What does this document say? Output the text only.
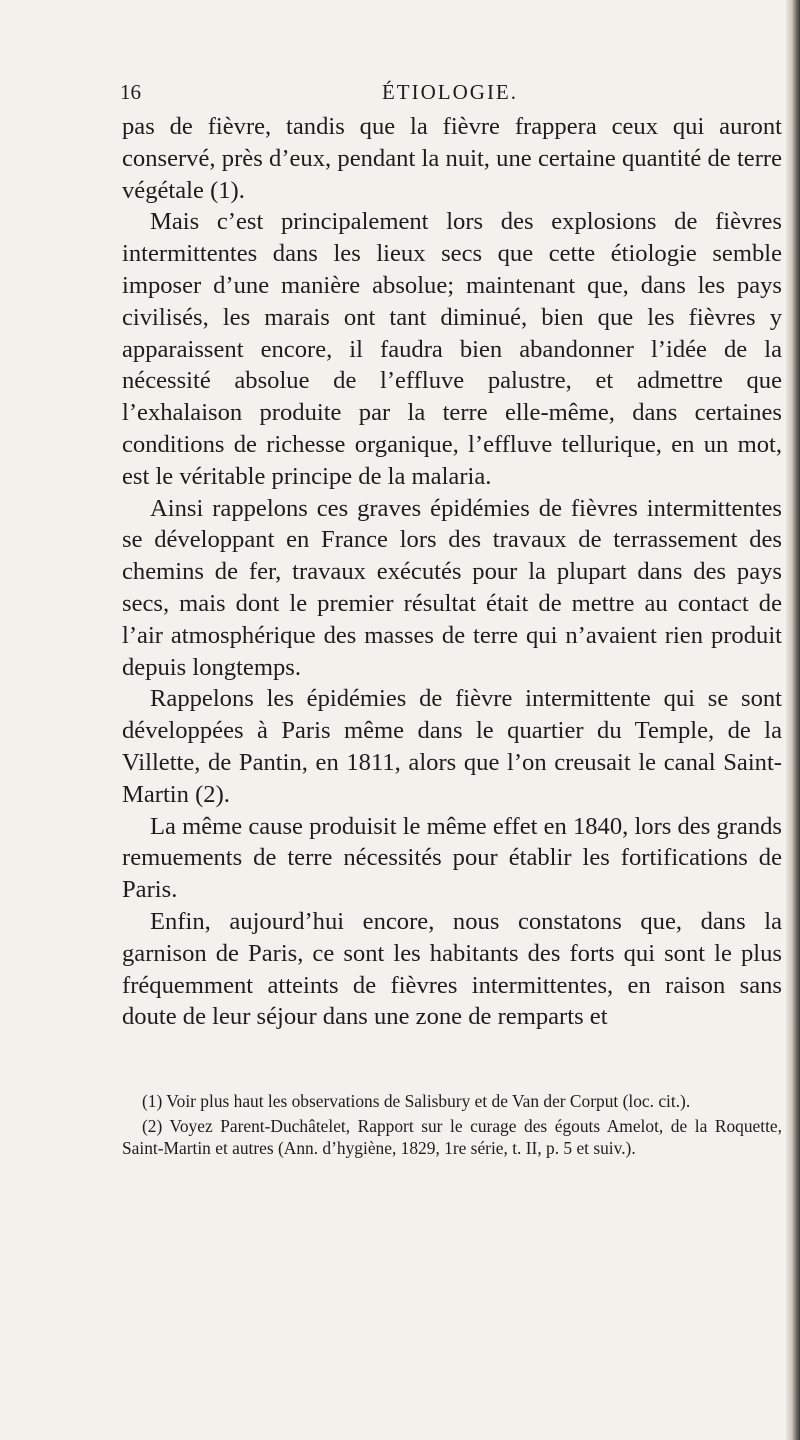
16	ÉTIOLOGIE.

pas de fièvre, tandis que la fièvre frappera ceux qui auront conservé, près d’eux, pendant la nuit, une certaine quantité de terre végétale (1).

Mais c’est principalement lors des explosions de fièvres intermittentes dans les lieux secs que cette étiologie semble imposer d’une manière absolue; maintenant que, dans les pays civilisés, les marais ont tant diminué, bien que les fièvres y apparaissent encore, il faudra bien abandonner l’idée de la nécessité absolue de l’effluve palustre, et admettre que l’exhalaison produite par la terre elle-même, dans certaines conditions de richesse organique, l’effluve tellurique, en un mot, est le véritable principe de la malaria.

Ainsi rappelons ces graves épidémies de fièvres intermittentes se développant en France lors des travaux de terrassement des chemins de fer, travaux exécutés pour la plupart dans des pays secs, mais dont le premier résultat était de mettre au contact de l’air atmosphérique des masses de terre qui n’avaient rien produit depuis longtemps.

Rappelons les épidémies de fièvre intermittente qui se sont développées à Paris même dans le quartier du Temple, de la Villette, de Pantin, en 1811, alors que l’on creusait le canal Saint-Martin (2).

La même cause produisit le même effet en 1840, lors des grands remuements de terre nécessités pour établir les fortifications de Paris.

Enfin, aujourd’hui encore, nous constatons que, dans la garnison de Paris, ce sont les habitants des forts qui sont le plus fréquemment atteints de fièvres intermittentes, en raison sans doute de leur séjour dans une zone de remparts et

(1) Voir plus haut les observations de Salisbury et de Van der Corput (loc. cit.).

(2) Voyez Parent-Duchâtelet, Rapport sur le curage des égouts Amelot, de la Roquette, Saint-Martin et autres (Ann. d’hygiène, 1829, 1re série, t. II, p. 5 et suiv.).
